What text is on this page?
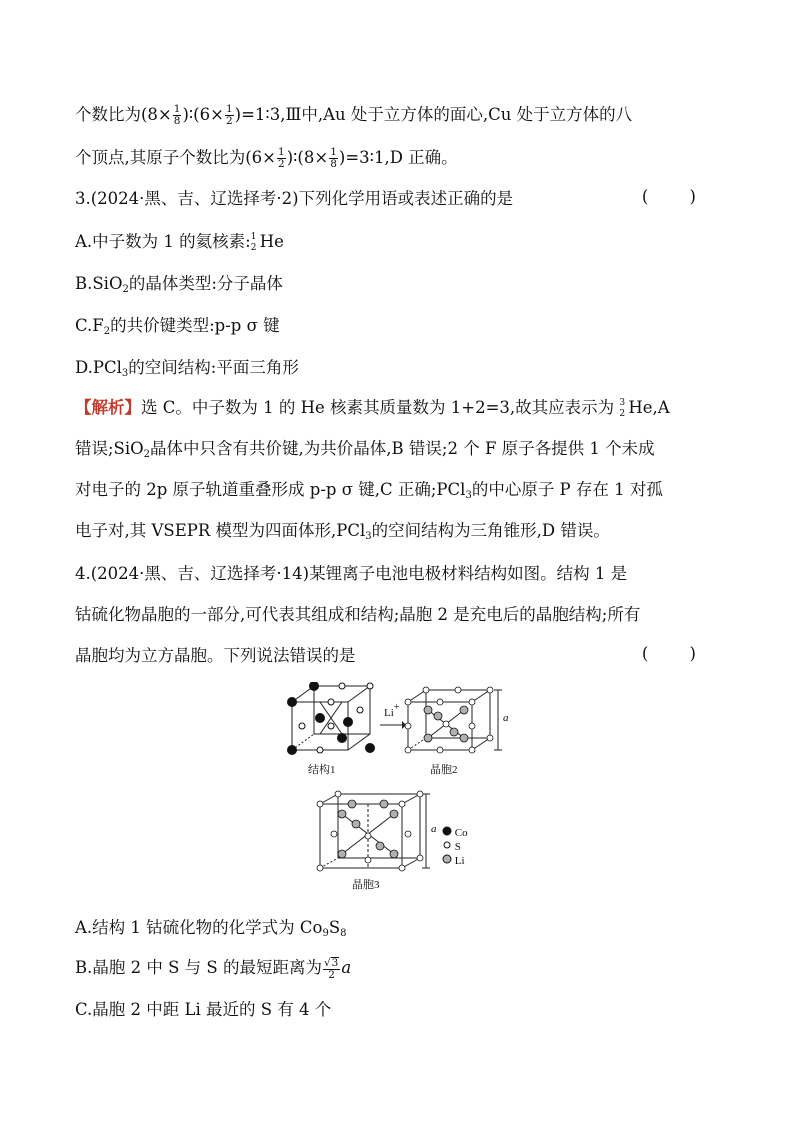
个数比为($8\times \frac{1}{8}$ )∶(6× $\frac{1}{2}$ )=1∶3,Ⅲ中,Au 处于立方体的面心,Cu 处于立方体的八
个顶点,其原子个数比为($6\times \frac{1}{2}$ )∶(8× $\frac{1}{8}$ )=3∶1,D 正确。
3.(2024·黑、吉、辽选择考·2)下列化学用语或表述正确的是	( )
A.中子数为 1 的氦核素: 1
2 He
B.SiO$_2$的晶体类型:分子晶体
$C.F_2$的共价键类型:p-p σ 键
D.PCl$_3$的空间结构:平面三角形
【解析】选 C。中子数为 1 的 He 核素其质量数为 1+2=3,故其应表示为 3
2 He,A
错误;SiO$_2$晶体中只含有共价键,为共价晶体,B 错误;2 个 F 原子各提供 1 个未成
对电子的 2p 原子轨道重叠形成 p-p σ 键,C 正确;PCl$_3$的中心原子 P 存在 1 对孤
电子对,其 VSEPR 模型为四面体形,PCl$_3$的空间结构为三角锥形,D 错误。
4.(2024·黑、吉、辽选择考·14)某锂离子电池电极材料结构如图。结构 1 是
钴硫化物晶胞的一部分,可代表其组成和结构;晶胞 2 是充电后的晶胞结构;所有
晶胞均为立方晶胞。下列说法错误的是	( )
结构1
Li+
a
晶胞2
a
晶胞3
Co
S
Li
A.结构 1 钴硫化物的化学式为 $Co_9S_8$
B.晶胞 2 中 S 与 S 的最短距离为 $\frac{√3}{2}$ a
C.晶胞 2 中距 Li 最近的 S 有 4 个
